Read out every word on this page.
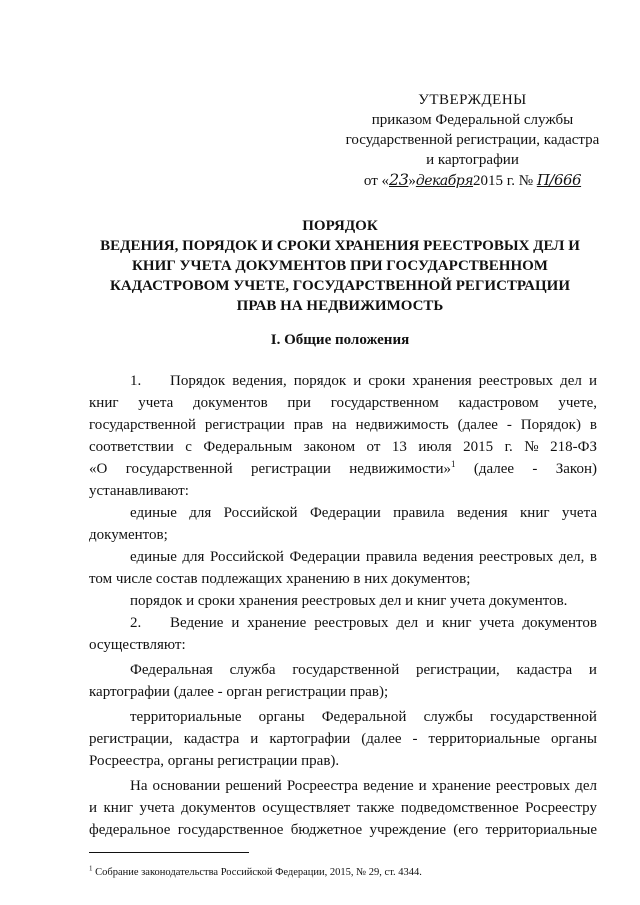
УТВЕРЖДЕНЫ
приказом Федеральной службы
государственной регистрации, кадастра
и картографии
от «23»декабря2015 г. № П/666
ПОРЯДОК
ВЕДЕНИЯ, ПОРЯДОК И СРОКИ ХРАНЕНИЯ РЕЕСТРОВЫХ ДЕЛ И
КНИГ УЧЕТА ДОКУМЕНТОВ ПРИ ГОСУДАРСТВЕННОМ
КАДАСТРОВОМ УЧЕТЕ, ГОСУДАРСТВЕННОЙ РЕГИСТРАЦИИ
ПРАВ НА НЕДВИЖИМОСТЬ
I. Общие положения
1.	Порядок ведения, порядок и сроки хранения реестровых дел и
книг учета документов при государственном кадастровом учете,
государственной регистрации прав на недвижимость (далее - Порядок) в
соответствии с Федеральным законом от 13 июля 2015 г. № 218-ФЗ
«О государственной регистрации недвижимости»$^1$ (далее - Закон)
устанавливают:
единые для Российской Федерации правила ведения книг учета
документов;
единые для Российской Федерации правила ведения реестровых дел, в
том числе состав подлежащих хранению в них документов;
порядок и сроки хранения реестровых дел и книг учета документов.
2.	Ведение и хранение реестровых дел и книг учета документов
осуществляют:
Федеральная служба государственной регистрации, кадастра и
картографии (далее - орган регистрации прав);
территориальные органы Федеральной службы государственной
регистрации, кадастра и картографии (далее - территориальные органы
Росреестра, органы регистрации прав).
На основании решений Росреестра ведение и хранение реестровых дел
и книг учета документов осуществляет также подведомственное Росреестру
федеральное государственное бюджетное учреждение (его территориальные
$^1$ Собрание законодательства Российской Федерации, 2015, № 29, ст. 4344.
